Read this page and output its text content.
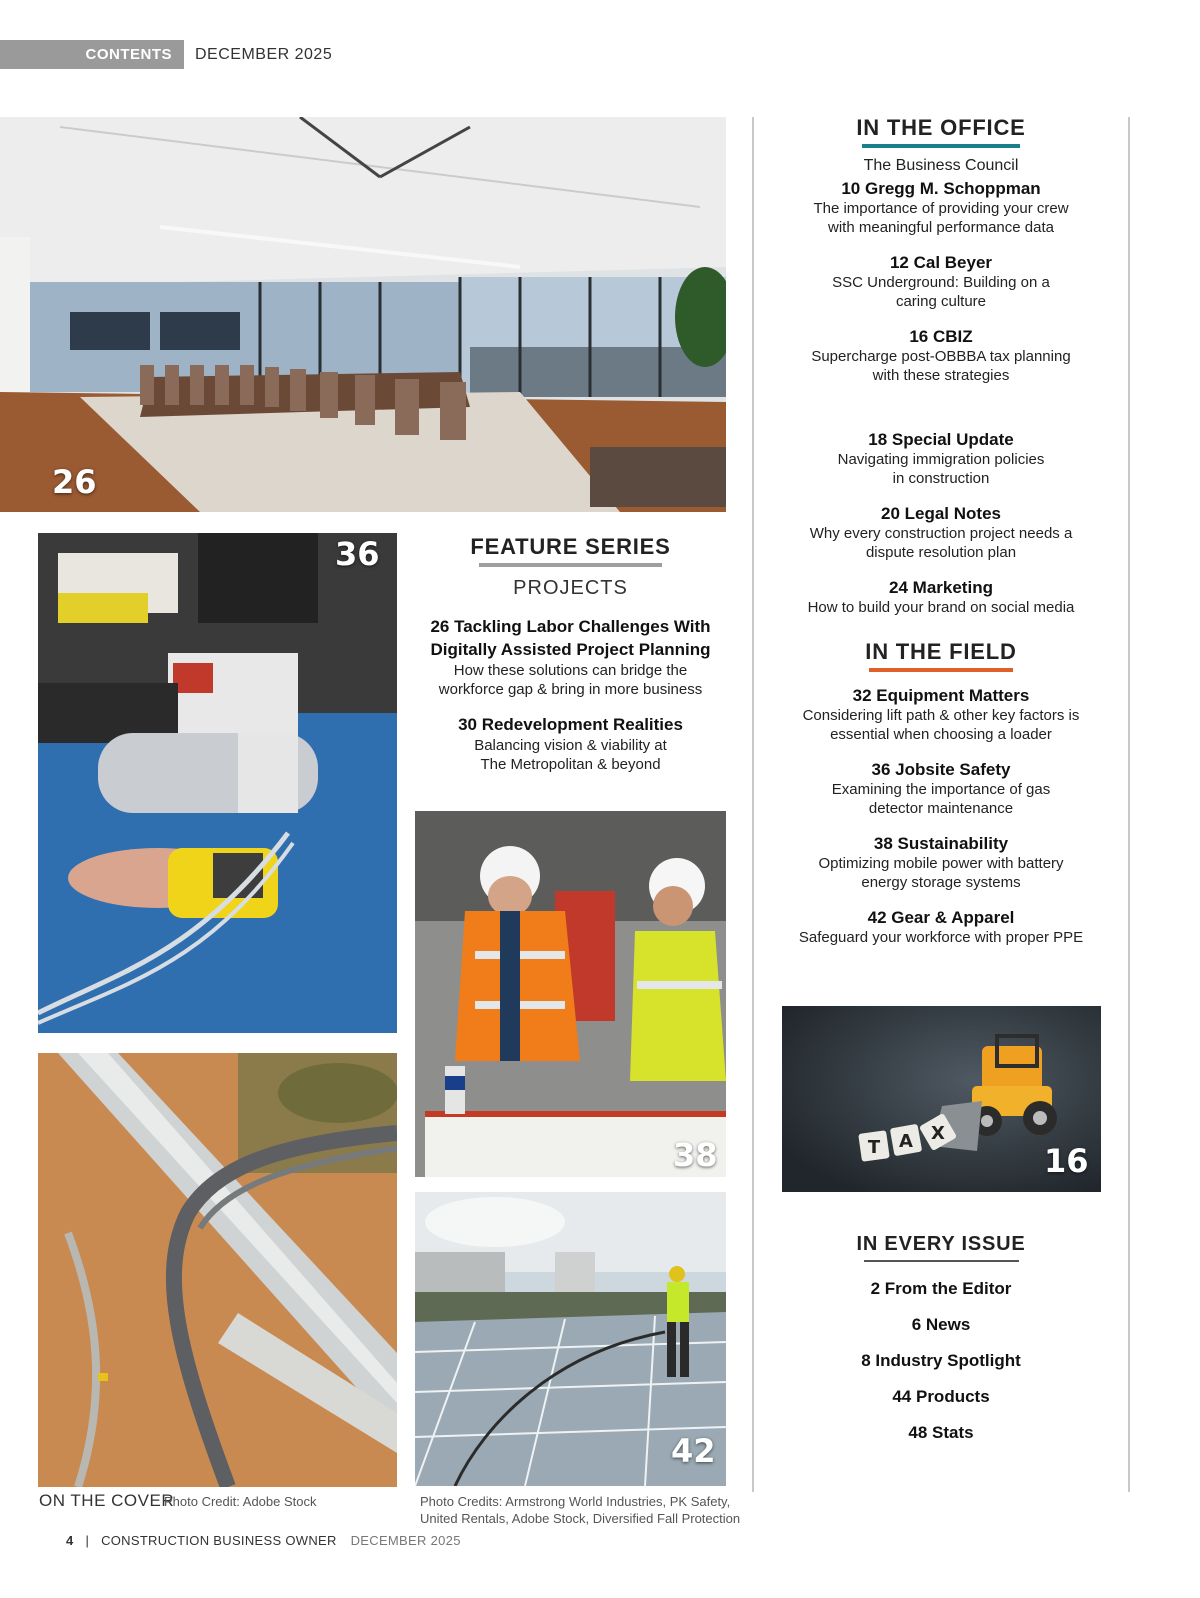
CONTENTS DECEMBER 2025
26
36
38
42
T A X
16
FEATURE SERIES
PROJECTS
26 Tackling Labor Challenges With
Digitally Assisted Project Planning
How these solutions can bridge the
workforce gap & bring in more business
30 Redevelopment Realities
Balancing vision & viability at
The Metropolitan & beyond
IN THE OFFICE
The Business Council
10 Gregg M. Schoppman
The importance of providing your crew
with meaningful performance data
12 Cal Beyer
SSC Underground: Building on a
caring culture
16 CBIZ
Supercharge post-OBBBA tax planning
with these strategies
18 Special Update
Navigating immigration policies
in construction
20 Legal Notes
Why every construction project needs a
dispute resolution plan
24 Marketing
How to build your brand on social media
IN THE FIELD
32 Equipment Matters
Considering lift path & other key factors is
essential when choosing a loader
36 Jobsite Safety
Examining the importance of gas
detector maintenance
38 Sustainability
Optimizing mobile power with battery
energy storage systems
42 Gear & Apparel
Safeguard your workforce with proper PPE
IN EVERY ISSUE
2 From the Editor
6 News
8 Industry Spotlight
44 Products
48 Stats
ON THE COVER
Photo Credit: Adobe Stock	Photo Credits: Armstrong World Industries, PK Safety,
United Rentals, Adobe Stock, Diversified Fall Protection
4 | CONSTRUCTION BUSINESS OWNER DECEMBER 2025
